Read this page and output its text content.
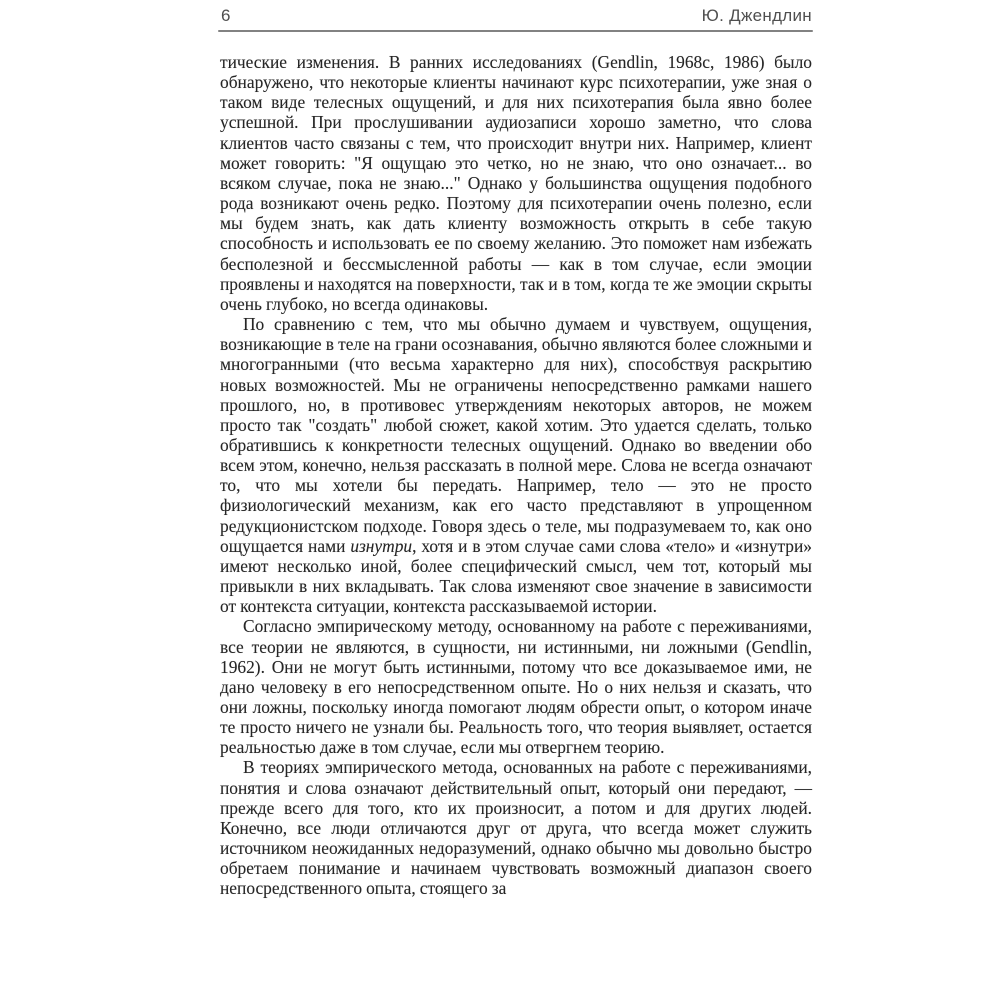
6	Ю. Джендлин

тические изменения. В ранних исследованиях (Gendlin, 1968c, 1986) было обнаружено, что некоторые клиенты начинают курс психотерапии, уже зная о таком виде телесных ощущений, и для них психотерапия была явно более успешной. При прослушивании аудиозаписи хорошо заметно, что слова клиентов часто связаны с тем, что происходит внутри них. Например, клиент может говорить: "Я ощущаю это четко, но не знаю, что оно означает... во всяком случае, пока не знаю..." Однако у большинства ощущения подобного рода возникают очень редко. Поэтому для психотерапии очень полезно, если мы будем знать, как дать клиенту возможность открыть в себе такую способность и использовать ее по своему желанию. Это поможет нам избежать бесполезной и бессмысленной работы — как в том случае, если эмоции проявлены и находятся на поверхности, так и в том, когда те же эмоции скрыты очень глубоко, но всегда одинаковы.

По сравнению с тем, что мы обычно думаем и чувствуем, ощущения, возникающие в теле на грани осознавания, обычно являются более сложными и многогранными (что весьма характерно для них), способствуя раскрытию новых возможностей. Мы не ограничены непосредственно рамками нашего прошлого, но, в противовес утверждениям некоторых авторов, не можем просто так "создать" любой сюжет, какой хотим. Это удается сделать, только обратившись к конкретности телесных ощущений. Однако во введении обо всем этом, конечно, нельзя рассказать в полной мере. Слова не всегда означают то, что мы хотели бы передать. Например, тело — это не просто физиологический механизм, как его часто представляют в упрощенном редукционистском подходе. Говоря здесь о теле, мы подразумеваем то, как оно ощущается нами изнутри, хотя и в этом случае сами слова «тело» и «изнутри» имеют несколько иной, более специфический смысл, чем тот, который мы привыкли в них вкладывать. Так слова изменяют свое значение в зависимости от контекста ситуации, контекста рассказываемой истории.

Согласно эмпирическому методу, основанному на работе с переживаниями, все теории не являются, в сущности, ни истинными, ни ложными (Gendlin, 1962). Они не могут быть истинными, потому что все доказываемое ими, не дано человеку в его непосредственном опыте. Но о них нельзя и сказать, что они ложны, поскольку иногда помогают людям обрести опыт, о котором иначе те просто ничего не узнали бы. Реальность того, что теория выявляет, остается реальностью даже в том случае, если мы отвергнем теорию.

В теориях эмпирического метода, основанных на работе с переживаниями, понятия и слова означают действительный опыт, который они передают, — прежде всего для того, кто их произносит, а потом и для других людей. Конечно, все люди отличаются друг от друга, что всегда может служить источником неожиданных недоразумений, однако обычно мы довольно быстро обретаем понимание и начинаем чувствовать возможный диапазон своего непосредственного опыта, стоящего за
